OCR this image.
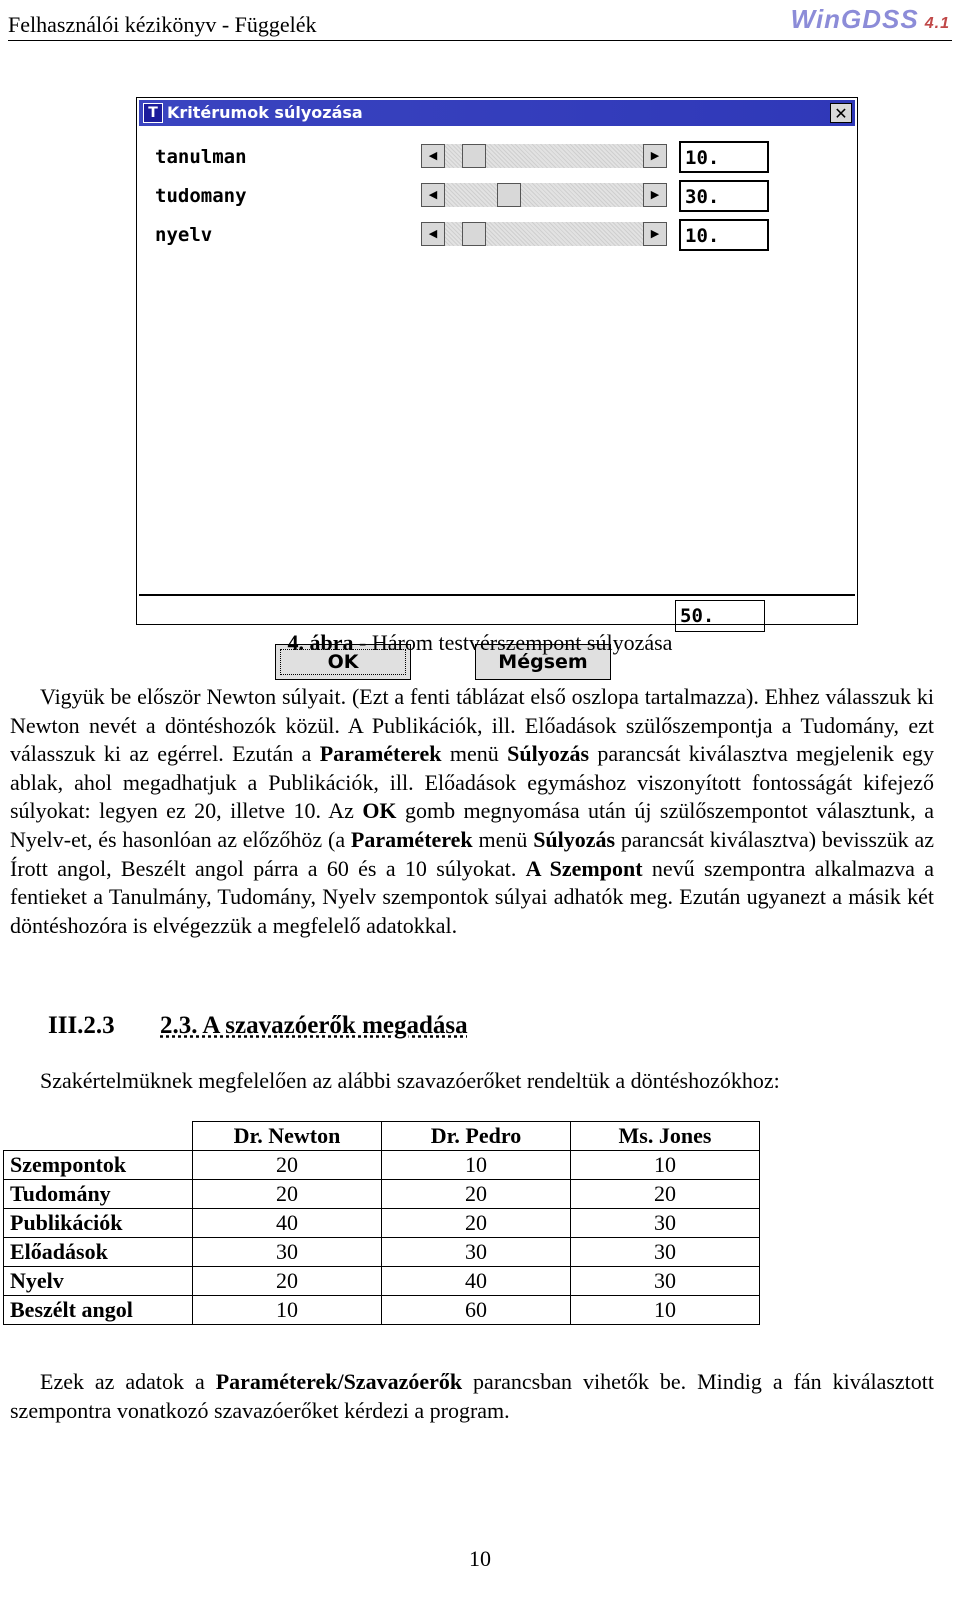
Felhasználói kézikönyv - Függelék	WinGDSS 4.1
T Kritérumok súlyozása	✕
tanulman	◀	▶	10.
tudomany	◀	▶	30.
nyelv	◀	▶	10.
50.
OK	Mégsem
4. ábra - Három testvérszempont súlyozása
Vigyük be először Newton súlyait. (Ezt a fenti táblázat első oszlopa tartalmazza). Ehhez válasszuk ki Newton nevét a döntéshozók közül. A Publikációk, ill. Előadások szülőszempontja a Tudomány, ezt válasszuk ki az egérrel. Ezután a Paraméterek menü Súlyozás parancsát kiválasztva megjelenik egy ablak, ahol megadhatjuk a Publikációk, ill. Előadások egymáshoz viszonyított fontosságát kifejező súlyokat: legyen ez 20, illetve 10. Az OK gomb megnyomása után új szülőszempontot választunk, a Nyelv-et, és hasonlóan az előzőhöz (a Paraméterek menü Súlyozás parancsát kiválasztva) bevisszük az Írott angol, Beszélt angol párra a 60 és a 10 súlyokat. A Szempont nevű szempontra alkalmazva a fentieket a Tanulmány, Tudomány, Nyelv szempontok súlyai adhatók meg. Ezután ugyanezt a másik két döntéshozóra is elvégezzük a megfelelő adatokkal.
III.2.3 2.3. A szavazóerők megadása
Szakértelmüknek megfelelően az alábbi szavazóerőket rendeltük a döntéshozókhoz:
	Dr. Newton	Dr. Pedro	Ms. Jones
Szempontok	20	10	10
Tudomány	20	20	20
Publikációk	40	20	30
Előadások	30	30	30
Nyelv	20	40	30
Beszélt angol	10	60	10
Ezek az adatok a Paraméterek/Szavazóerők parancsban vihetők be. Mindig a fán kiválasztott szempontra vonatkozó szavazóerőket kérdezi a program.
10
